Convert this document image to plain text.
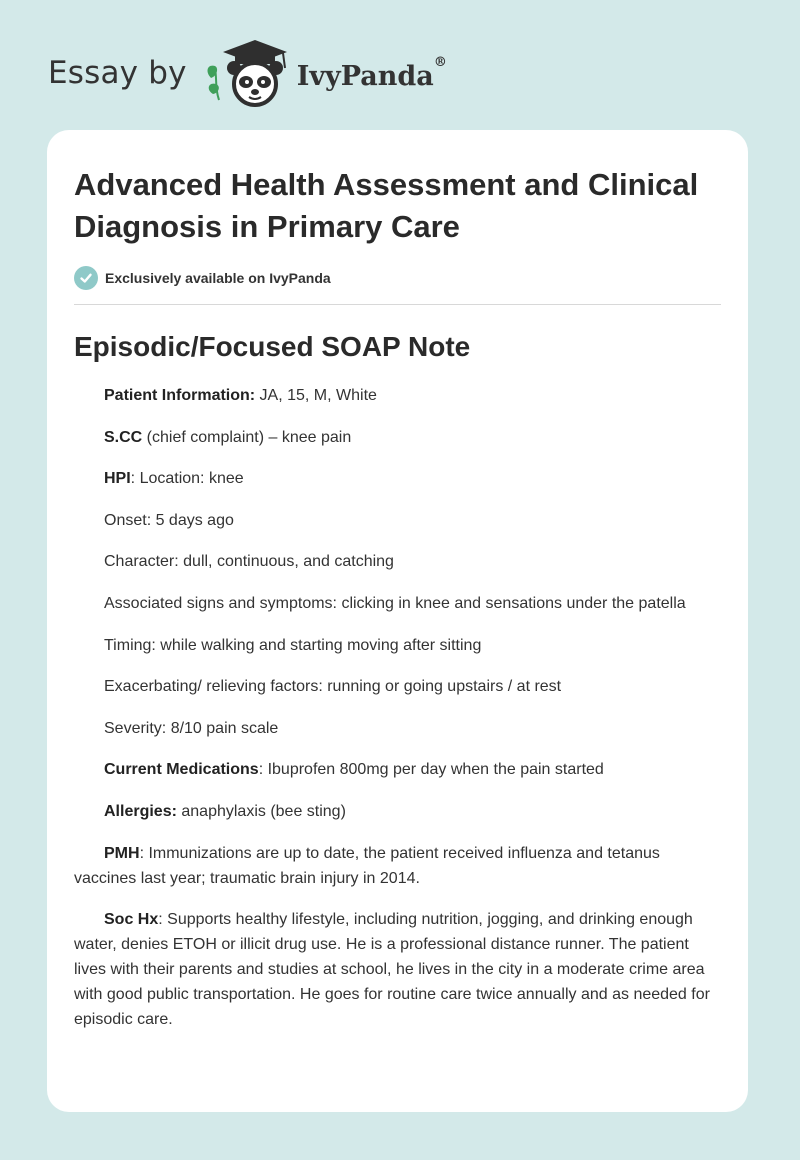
Essay by	IvyPanda®
Advanced Health Assessment and Clinical Diagnosis in Primary Care
Exclusively available on IvyPanda
Episodic/Focused SOAP Note

Patient Information: JA, 15, M, White

S.CC (chief complaint) – knee pain

HPI: Location: knee

Onset: 5 days ago

Character: dull, continuous, and catching

Associated signs and symptoms: clicking in knee and sensations under the patella

Timing: while walking and starting moving after sitting

Exacerbating/ relieving factors: running or going upstairs / at rest

Severity: 8/10 pain scale

Current Medications: Ibuprofen 800mg per day when the pain started

Allergies: anaphylaxis (bee sting)

PMH: Immunizations are up to date, the patient received influenza and tetanus vaccines last year; traumatic brain injury in 2014.

Soc Hx: Supports healthy lifestyle, including nutrition, jogging, and drinking enough water, denies ETOH or illicit drug use. He is a professional distance runner. The patient lives with their parents and studies at school, he lives in the city in a moderate crime area with good public transportation. He goes for routine care twice annually and as needed for episodic care.
